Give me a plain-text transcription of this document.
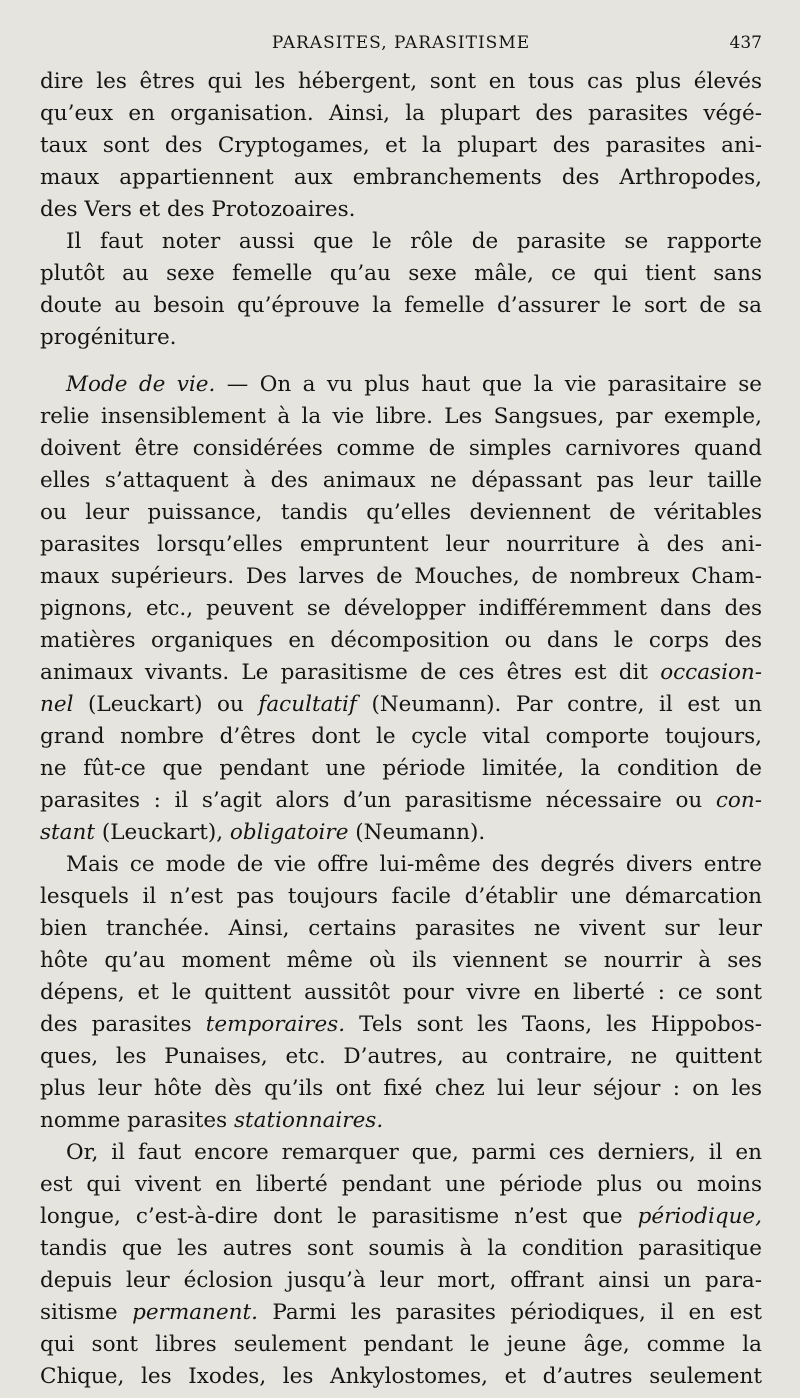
PARASITES, PARASITISME	437
dire les êtres qui les hébergent, sont en tous cas plus élevés
qu’eux en organisation. Ainsi, la plupart des parasites végé-
taux sont des Cryptogames, et la plupart des parasites ani-
maux appartiennent aux embranchements des Arthropodes,
des Vers et des Protozoaires.
Il faut noter aussi que le rôle de parasite se rapporte
plutôt au sexe femelle qu’au sexe mâle, ce qui tient sans
doute au besoin qu’éprouve la femelle d’assurer le sort de sa
progéniture.
Mode de vie. — On a vu plus haut que la vie parasitaire se
relie insensiblement à la vie libre. Les Sangsues, par exemple,
doivent être considérées comme de simples carnivores quand
elles s’attaquent à des animaux ne dépassant pas leur taille
ou leur puissance, tandis qu’elles deviennent de véritables
parasites lorsqu’elles empruntent leur nourriture à des ani-
maux supérieurs. Des larves de Mouches, de nombreux Cham-
pignons, etc., peuvent se développer indifféremment dans des
matières organiques en décomposition ou dans le corps des
animaux vivants. Le parasitisme de ces êtres est dit occasion-
nel (Leuckart) ou facultatif (Neumann). Par contre, il est un
grand nombre d’êtres dont le cycle vital comporte toujours,
ne fût-ce que pendant une période limitée, la condition de
parasites : il s’agit alors d’un parasitisme nécessaire ou con-
stant (Leuckart), obligatoire (Neumann).
Mais ce mode de vie offre lui-même des degrés divers entre
lesquels il n’est pas toujours facile d’établir une démarcation
bien tranchée. Ainsi, certains parasites ne vivent sur leur
hôte qu’au moment même où ils viennent se nourrir à ses
dépens, et le quittent aussitôt pour vivre en liberté : ce sont
des parasites temporaires. Tels sont les Taons, les Hippobos-
ques, les Punaises, etc. D’autres, au contraire, ne quittent
plus leur hôte dès qu’ils ont fixé chez lui leur séjour : on les
nomme parasites stationnaires.
Or, il faut encore remarquer que, parmi ces derniers, il en
est qui vivent en liberté pendant une période plus ou moins
longue, c’est-à-dire dont le parasitisme n’est que périodique,
tandis que les autres sont soumis à la condition parasitique
depuis leur éclosion jusqu’à leur mort, offrant ainsi un para-
sitisme permanent. Parmi les parasites périodiques, il en est
qui sont libres seulement pendant le jeune âge, comme la
Chique, les Ixodes, les Ankylostomes, et d’autres seulement
